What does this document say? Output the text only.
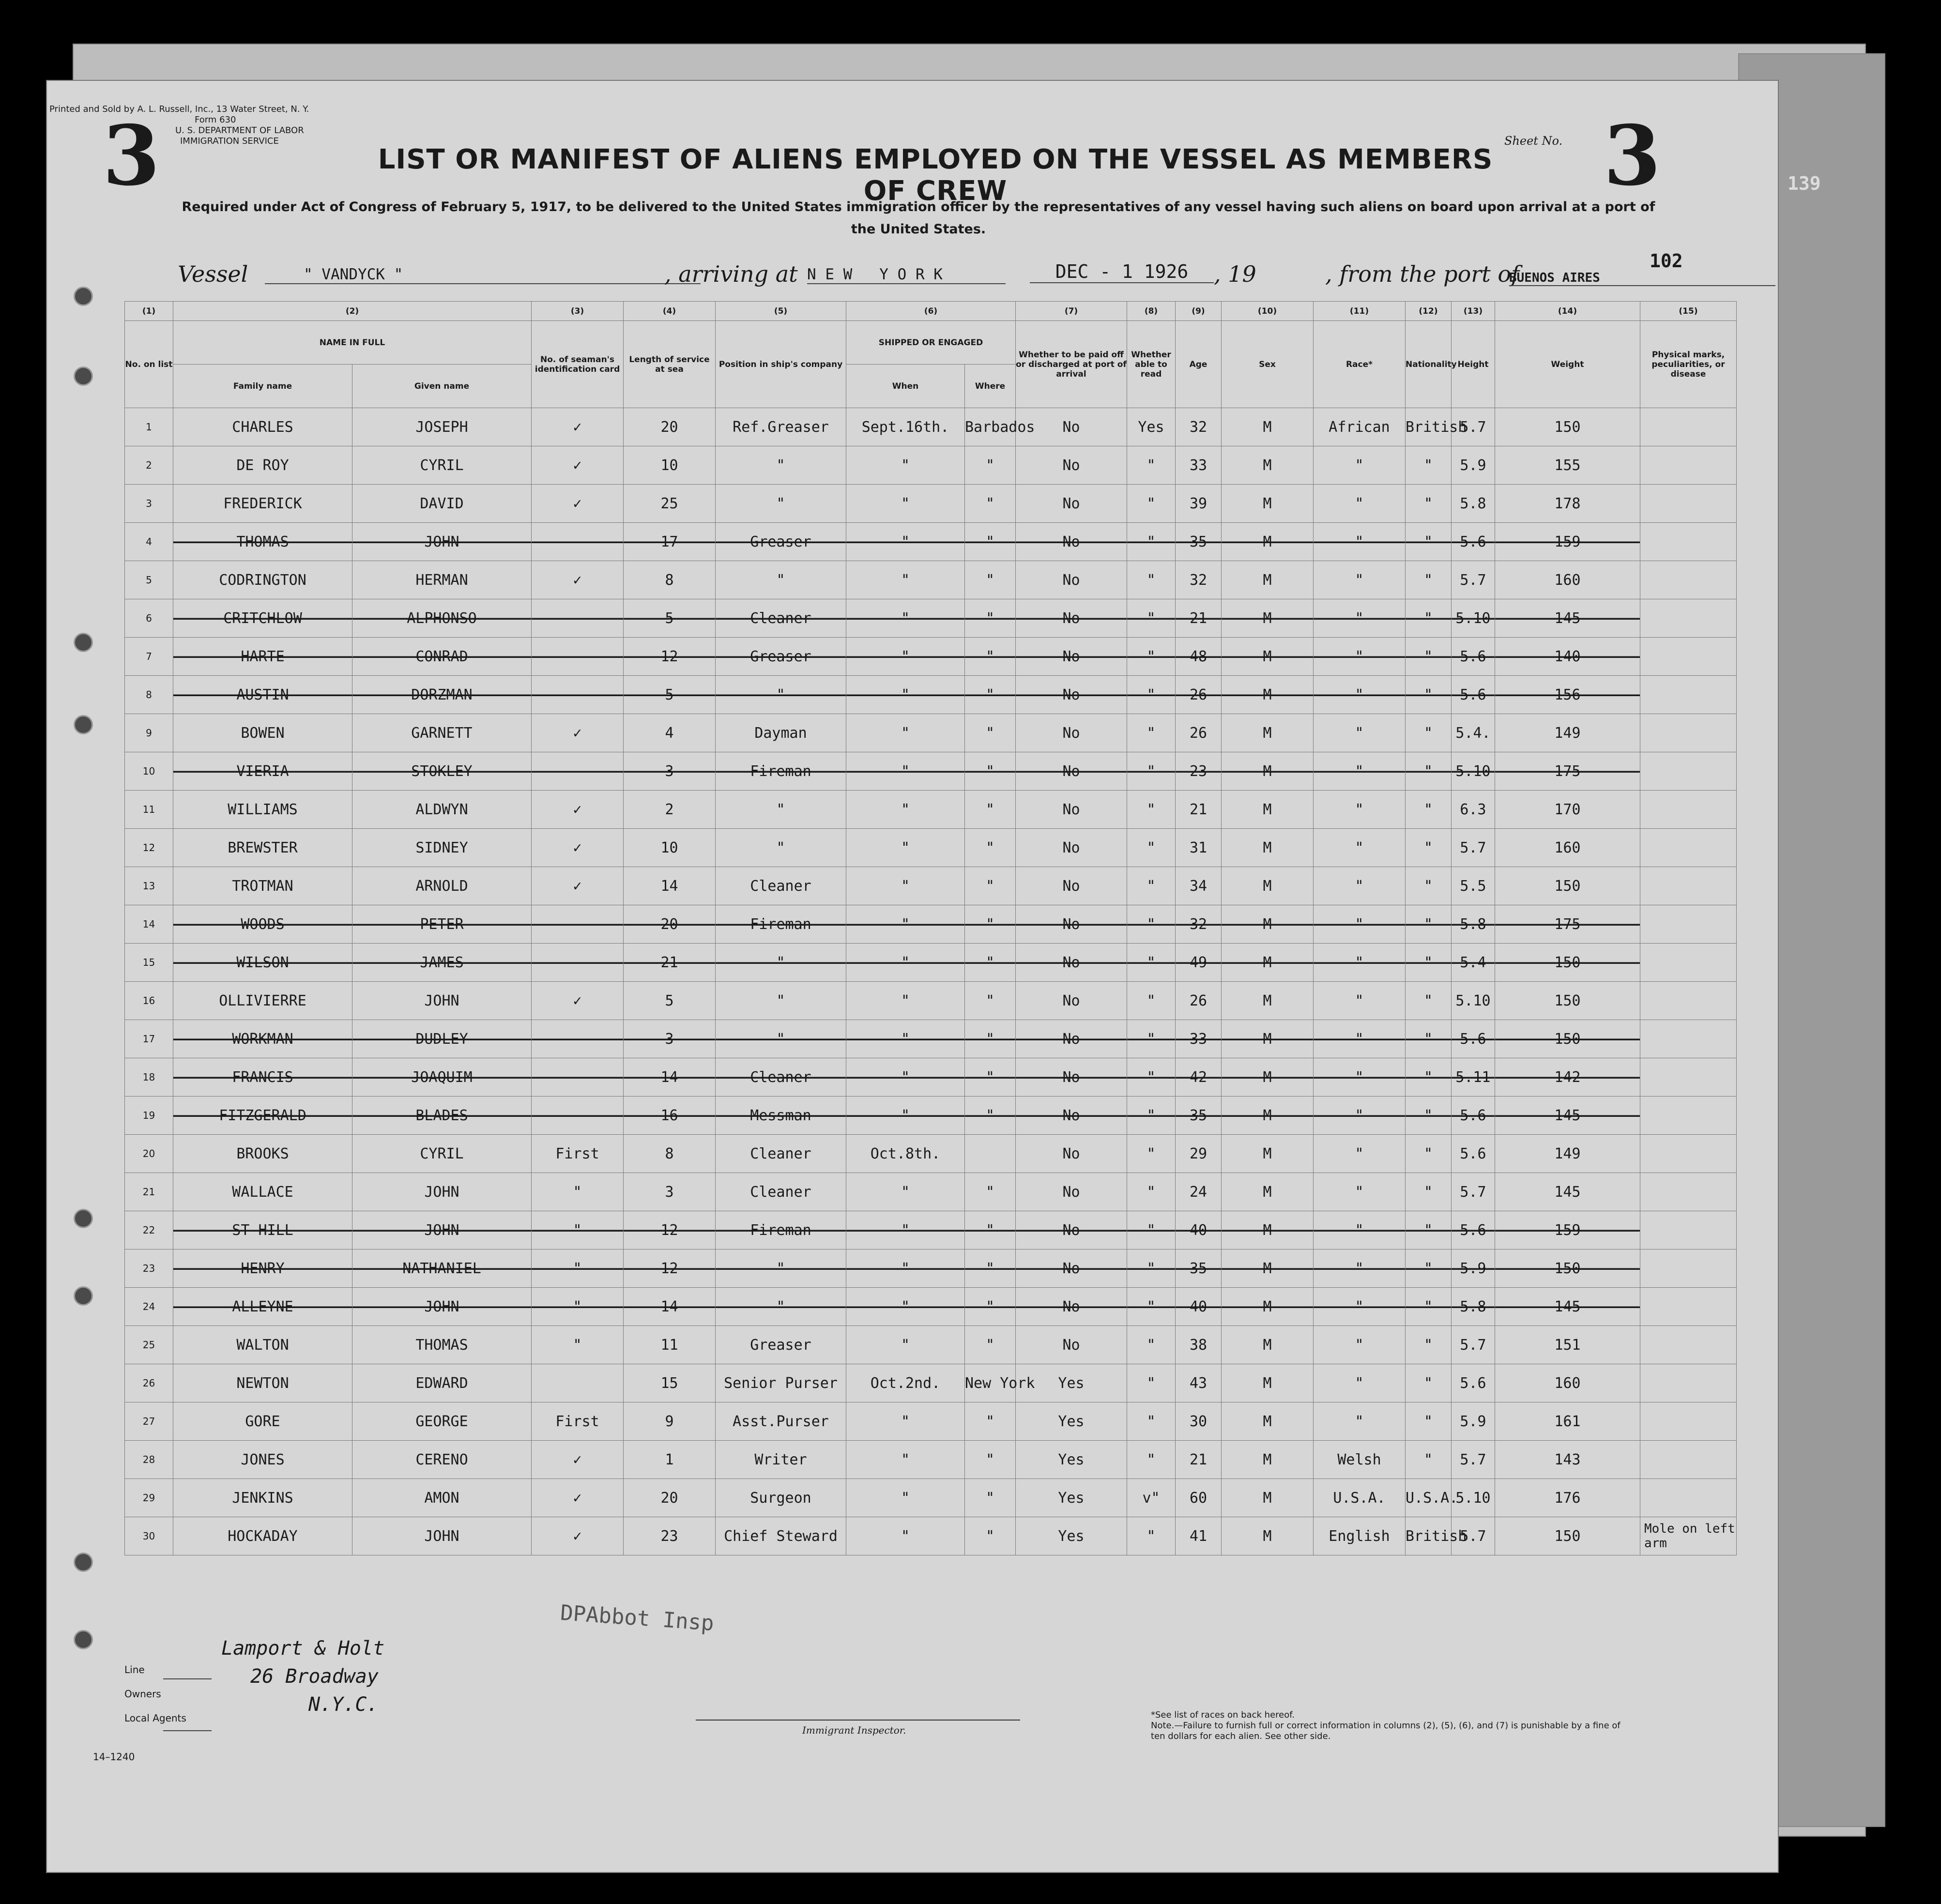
Printed and Sold by A. L. Russell, Inc., 13 Water Street, N. Y.
Form 630
U. S. DEPARTMENT OF LABOR
IMMIGRATION SERVICE
3	Sheet No. 3	139
102
LIST OR MANIFEST OF ALIENS EMPLOYED ON THE VESSEL AS MEMBERS OF CREW
Required under Act of Congress of February 5, 1917, to be delivered to the United States immigration officer by the representatives of any vessel having such aliens on board upon arrival at a port of the United States.
Vessel	" VANDYCK "	, arriving at N E W   Y O R K	DEC - 1 1926	, 19	, from the port of
BUENOS AIRES
(1)	(2)		(3)	(4)	(5)	(6)		(7)	(8)	(9)	(10)	(11)	(12)	(13)	(14)	(15)
No. on list	NAME IN FULL		No. of seaman's identification card	Length of service at sea	Position in ship's company	SHIPPED OR ENGAGED		Whether to be paid off or discharged at port of arrival	Whether able to read	Age	Sex	Race*	Nationality	Height	Weight	Physical marks, peculiarities, or disease
	Family name	Given name				When	Where									
1	CHARLES	JOSEPH	✓	20	Ref.Greaser	Sept.16th.	Barbados	No	Yes	32	M	African	British	5.7	150	
2	DE ROY	CYRIL	✓	10	"	"	"	No	"	33	M	"	"	5.9	155	
3	FREDERICK	DAVID	✓	25	"	"	"	No	"	39	M	"	"	5.8	178	
4	THOMAS	JOHN		17	Greaser	"	"	No	"	35	M	"	"	5.6	159	
5	CODRINGTON	HERMAN	✓	8	"	"	"	No	"	32	M	"	"	5.7	160	
6	CRITCHLOW	ALPHONSO		5	Cleaner	"	"	No	"	21	M	"	"	5.10	145	
7	HARTE	CONRAD		12	Greaser	"	"	No	"	48	M	"	"	5.6	140	
8	AUSTIN	DORZMAN		5	"	"	"	No	"	26	M	"	"	5.6	156	
9	BOWEN	GARNETT	✓	4	Dayman	"	"	No	"	26	M	"	"	5.4.	149	
10	VIERIA	STOKLEY		3	Fireman	"	"	No	"	23	M	"	"	5.10	175	
11	WILLIAMS	ALDWYN	✓	2	"	"	"	No	"	21	M	"	"	6.3	170	
12	BREWSTER	SIDNEY	✓	10	"	"	"	No	"	31	M	"	"	5.7	160	
13	TROTMAN	ARNOLD	✓	14	Cleaner	"	"	No	"	34	M	"	"	5.5	150	
14	WOODS	PETER		20	Fireman	"	"	No	"	32	M	"	"	5.8	175	
15	WILSON	JAMES		21	"	"	"	No	"	49	M	"	"	5.4	150	
16	OLLIVIERRE	JOHN	✓	5	"	"	"	No	"	26	M	"	"	5.10	150	
17	WORKMAN	DUDLEY		3	"	"	"	No	"	33	M	"	"	5.6	150	
18	FRANCIS	JOAQUIM		14	Cleaner	"	"	No	"	42	M	"	"	5.11	142	
19	FITZGERALD	BLADES		16	Messman	"	"	No	"	35	M	"	"	5.6	145	
20	BROOKS	CYRIL	First	8	Cleaner	Oct.8th.		No	"	29	M	"	"	5.6	149	
21	WALLACE	JOHN	"	3	Cleaner	"	"	No	"	24	M	"	"	5.7	145	
22	ST HILL	JOHN	"	12	Fireman	"	"	No	"	40	M	"	"	5.6	159	
23	HENRY	NATHANIEL	"	12	"	"	"	No	"	35	M	"	"	5.9	150	
24	ALLEYNE	JOHN	"	14	"	"	"	No	"	40	M	"	"	5.8	145	
25	WALTON	THOMAS	"	11	Greaser	"	"	No	"	38	M	"	"	5.7	151	
26	NEWTON	EDWARD		15	Senior Purser	Oct.2nd.	New York	Yes	"	43	M	"	"	5.6	160	
27	GORE	GEORGE	First	9	Asst.Purser	"	"	Yes	"	30	M	"	"	5.9	161	
28	JONES	CERENO	✓	1	Writer	"	"	Yes	"	21	M	Welsh	"	5.7	143	
29	JENKINS	AMON	✓	20	Surgeon	"	"	Yes	v"	60	M	U.S.A.	U.S.A.	5.10	176	
30	HOCKADAY	JOHN	✓	23	Chief Steward	"	"	Yes	"	41	M	English	British	5.7	150	Mole on left arm
DPAbbot Insp
Line
Owners
Local Agents
Lamport & Holt
26 Broadway
N.Y.C.
14–1240
Immigrant Inspector.
*See list of races on back hereof.
Note.—Failure to furnish full or correct information in columns (2), (5), (6), and (7) is punishable by a fine of ten dollars for each alien. See other side.
